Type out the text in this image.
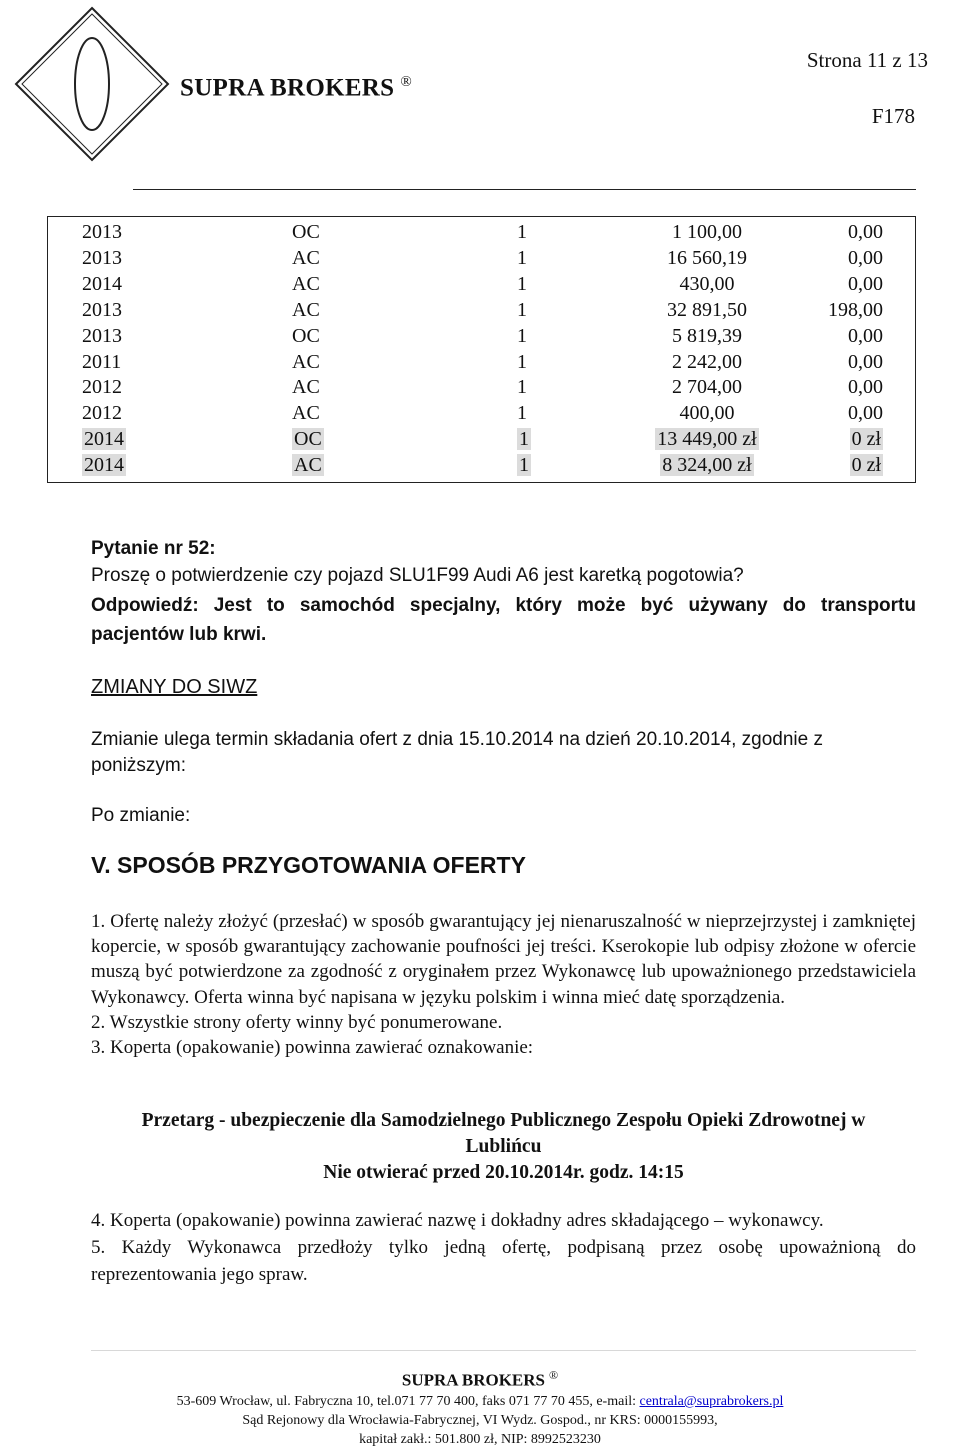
Strona 11 z 13
SUPRA BROKERS ®
F178
2013	OC	1	1 100,00	0,00
2013	AC	1	16 560,19	0,00
2014	AC	1	430,00	0,00
2013	AC	1	32 891,50	198,00
2013	OC	1	5 819,39	0,00
2011	AC	1	2 242,00	0,00
2012	AC	1	2 704,00	0,00
2012	AC	1	400,00	0,00
2014	OC	1	13 449,00 zł	0 zł
2014	AC	1	8 324,00 zł	0 zł
Pytanie nr 52:
Proszę o potwierdzenie czy pojazd SLU1F99 Audi A6 jest karetką pogotowia?
Odpowiedź: Jest to samochód specjalny, który może być używany do transportu
pacjentów lub krwi.
ZMIANY DO SIWZ
Zmianie ulega termin składania ofert z dnia 15.10.2014 na dzień 20.10.2014, zgodnie z
poniższym:
Po zmianie:
V. SPOSÓB PRZYGOTOWANIA OFERTY
1. Ofertę należy złożyć (przesłać) w sposób gwarantujący jej nienaruszalność w nieprzejrzystej i zamkniętej kopercie, w sposób gwarantujący zachowanie poufności jej treści. Kserokopie lub odpisy złożone w ofercie muszą być potwierdzone za zgodność z oryginałem przez Wykonawcę lub upoważnionego przedstawiciela Wykonawcy. Oferta winna być napisana w języku polskim i winna mieć datę sporządzenia.
2. Wszystkie strony oferty winny być ponumerowane.
3. Koperta (opakowanie) powinna zawierać oznakowanie:
Przetarg - ubezpieczenie dla Samodzielnego Publicznego Zespołu Opieki Zdrowotnej w
Lublińcu
Nie otwierać przed 20.10.2014r. godz. 14:15
4. Koperta (opakowanie) powinna zawierać nazwę i dokładny adres składającego – wykonawcy.
5. Każdy Wykonawca przedłoży tylko jedną ofertę, podpisaną przez osobę upoważnioną do reprezentowania jego spraw.
SUPRA BROKERS ®
53-609 Wrocław, ul. Fabryczna 10, tel.071 77 70 400, faks 071 77 70 455, e-mail: centrala@suprabrokers.pl
Sąd Rejonowy dla Wrocławia-Fabrycznej, VI Wydz. Gospod., nr KRS: 0000155993,
kapitał zakł.: 501.800 zł, NIP: 8992523230
